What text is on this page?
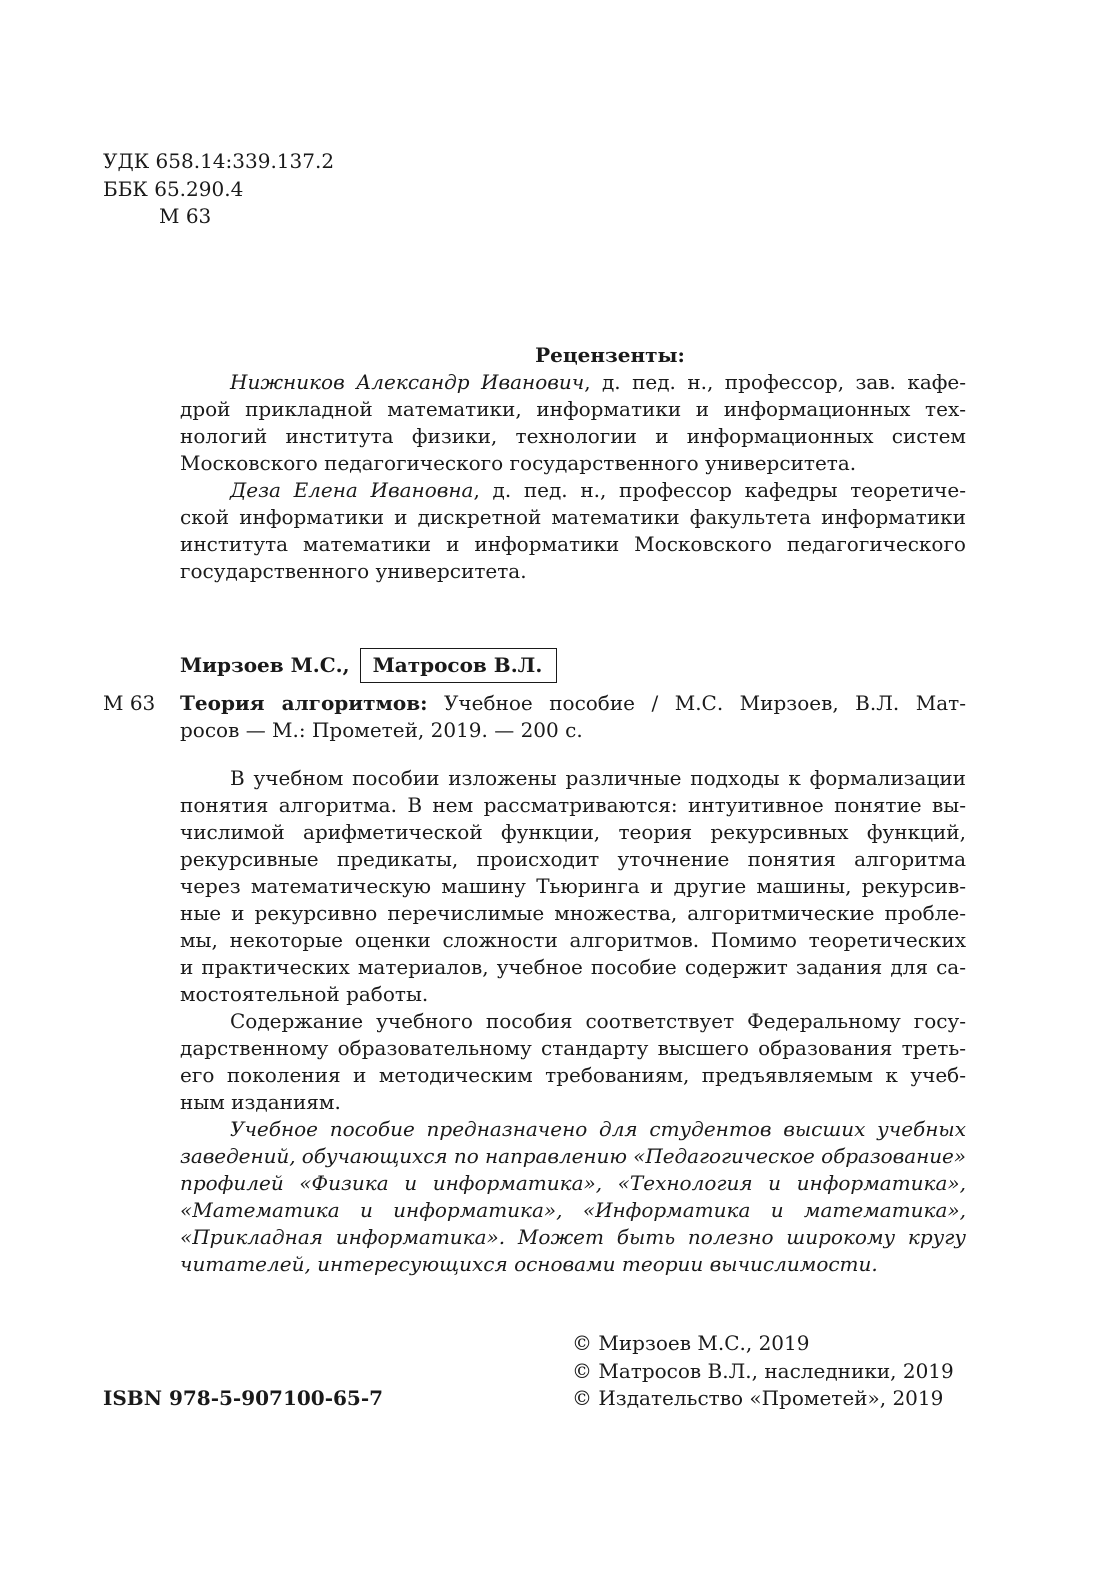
УДК 658.14:339.137.2
ББК 65.290.4
М 63
Рецензенты:
Нижников Александр Иванович, д. пед. н., профессор, зав. кафе-
дрой прикладной математики, информатики и информационных тех-
нологий института физики, технологии и информационных систем
Московского педагогического государственного университета.
Деза Елена Ивановна, д. пед. н., профессор кафедры теоретиче-
ской информатики и дискретной математики факультета информатики
института математики и информатики Московского педагогического
государственного университета.
Мирзоев М.С.,	Матросов В.Л.
М 63 Теория алгоритмов: Учебное пособие / М.С. Мирзоев, В.Л. Мат-
росов — М.: Прометей, 2019. — 200 с.
В учебном пособии изложены различные подходы к формализации
понятия алгоритма. В нем рассматриваются: интуитивное понятие вы-
числимой арифметической функции, теория рекурсивных функций,
рекурсивные предикаты, происходит уточнение понятия алгоритма
через математическую машину Тьюринга и другие машины, рекурсив-
ные и рекурсивно перечислимые множества, алгоритмические пробле-
мы, некоторые оценки сложности алгоритмов. Помимо теоретических
и практических материалов, учебное пособие содержит задания для са-
мостоятельной работы.
Содержание учебного пособия соответствует Федеральному госу-
дарственному образовательному стандарту высшего образования треть-
его поколения и методическим требованиям, предъявляемым к учеб-
ным изданиям.
Учебное пособие предназначено для студентов высших учебных
заведений, обучающихся по направлению «Педагогическое образование»
профилей «Физика и информатика», «Технология и информатика»,
«Математика и информатика», «Информатика и математика»,
«Прикладная информатика». Может быть полезно широкому кругу
читателей, интересующихся основами теории вычислимости.
© Мирзоев М.С., 2019
© Матросов В.Л., наследники, 2019
© Издательство «Прометей», 2019
ISBN 978-5-907100-65-7
